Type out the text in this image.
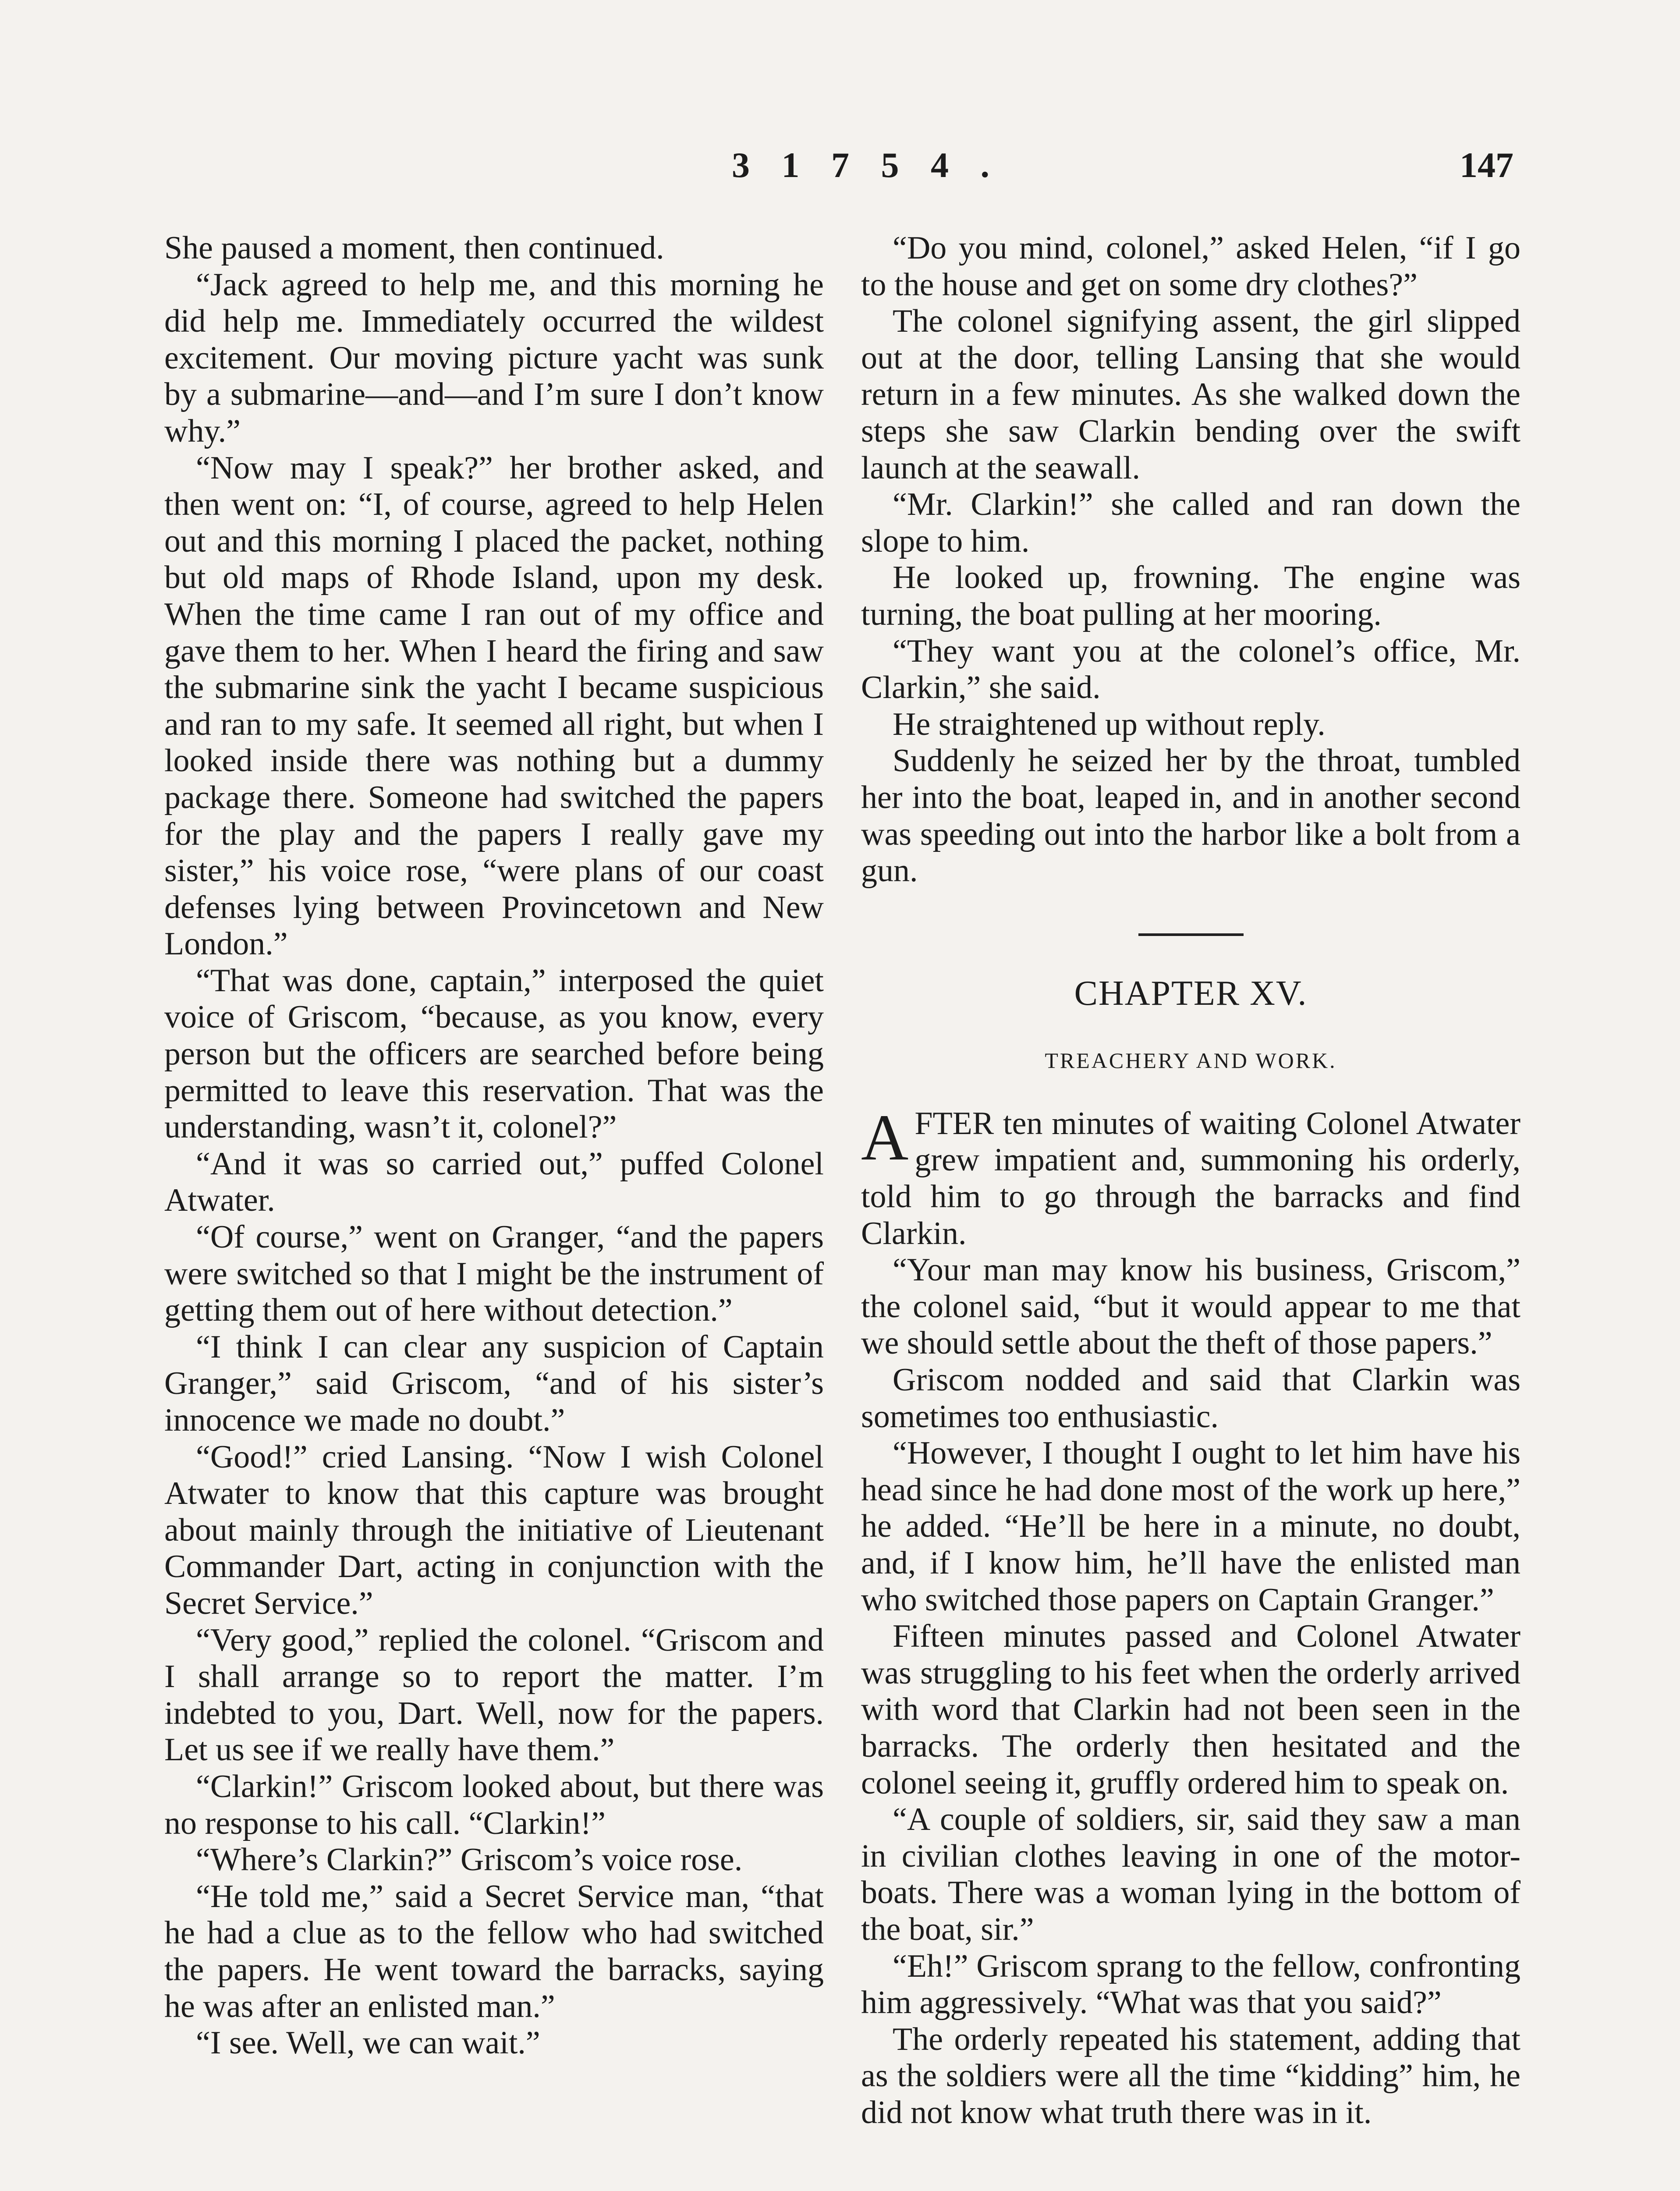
3 1 7 5 4 .	147

She paused a moment, then continued.

“Jack agreed to help me, and this morning he did help me. Immediately occurred the wildest excitement. Our moving picture yacht was sunk by a submarine—and—and I’m sure I don’t know why.”

“Now may I speak?” her brother asked, and then went on: “I, of course, agreed to help Helen out and this morning I placed the packet, nothing but old maps of Rhode Island, upon my desk. When the time came I ran out of my office and gave them to her. When I heard the firing and saw the submarine sink the yacht I became suspicious and ran to my safe. It seemed all right, but when I looked inside there was nothing but a dummy package there. Someone had switched the papers for the play and the papers I really gave my sister,” his voice rose, “were plans of our coast defenses lying between Provincetown and New London.”

“That was done, captain,” interposed the quiet voice of Griscom, “because, as you know, every person but the officers are searched before being permitted to leave this reservation. That was the understanding, wasn’t it, colonel?”

“And it was so carried out,” puffed Colonel Atwater.

“Of course,” went on Granger, “and the papers were switched so that I might be the instrument of getting them out of here without detection.”

“I think I can clear any suspicion of Captain Granger,” said Griscom, “and of his sister’s innocence we made no doubt.”

“Good!” cried Lansing. “Now I wish Colonel Atwater to know that this capture was brought about mainly through the initiative of Lieutenant Commander Dart, acting in conjunction with the Secret Service.”

“Very good,” replied the colonel. “Griscom and I shall arrange so to report the matter. I’m indebted to you, Dart. Well, now for the papers. Let us see if we really have them.”

“Clarkin!” Griscom looked about, but there was no response to his call. “Clarkin!”

“Where’s Clarkin?” Griscom’s voice rose.

“He told me,” said a Secret Service man, “that he had a clue as to the fellow who had switched the papers. He went toward the barracks, saying he was after an enlisted man.”

“I see. Well, we can wait.”

“Do you mind, colonel,” asked Helen, “if I go to the house and get on some dry clothes?”

The colonel signifying assent, the girl slipped out at the door, telling Lansing that she would return in a few minutes. As she walked down the steps she saw Clarkin bending over the swift launch at the seawall.

“Mr. Clarkin!” she called and ran down the slope to him.

He looked up, frowning. The engine was turning, the boat pulling at her mooring.

“They want you at the colonel’s office, Mr. Clarkin,” she said.

He straightened up without reply.

Suddenly he seized her by the throat, tumbled her into the boat, leaped in, and in another second was speeding out into the harbor like a bolt from a gun.

CHAPTER XV.
TREACHERY AND WORK.

AFTER ten minutes of waiting Colonel Atwater grew impatient and, summoning his orderly, told him to go through the barracks and find Clarkin.

“Your man may know his business, Griscom,” the colonel said, “but it would appear to me that we should settle about the theft of those papers.”

Griscom nodded and said that Clarkin was sometimes too enthusiastic.

“However, I thought I ought to let him have his head since he had done most of the work up here,” he added. “He’ll be here in a minute, no doubt, and, if I know him, he’ll have the enlisted man who switched those papers on Captain Granger.”

Fifteen minutes passed and Colonel Atwater was struggling to his feet when the orderly arrived with word that Clarkin had not been seen in the barracks. The orderly then hesitated and the colonel seeing it, gruffly ordered him to speak on.

“A couple of soldiers, sir, said they saw a man in civilian clothes leaving in one of the motor-boats. There was a woman lying in the bottom of the boat, sir.”

“Eh!” Griscom sprang to the fellow, confronting him aggressively. “What was that you said?”

The orderly repeated his statement, adding that as the soldiers were all the time “kidding” him, he did not know what truth there was in it.
